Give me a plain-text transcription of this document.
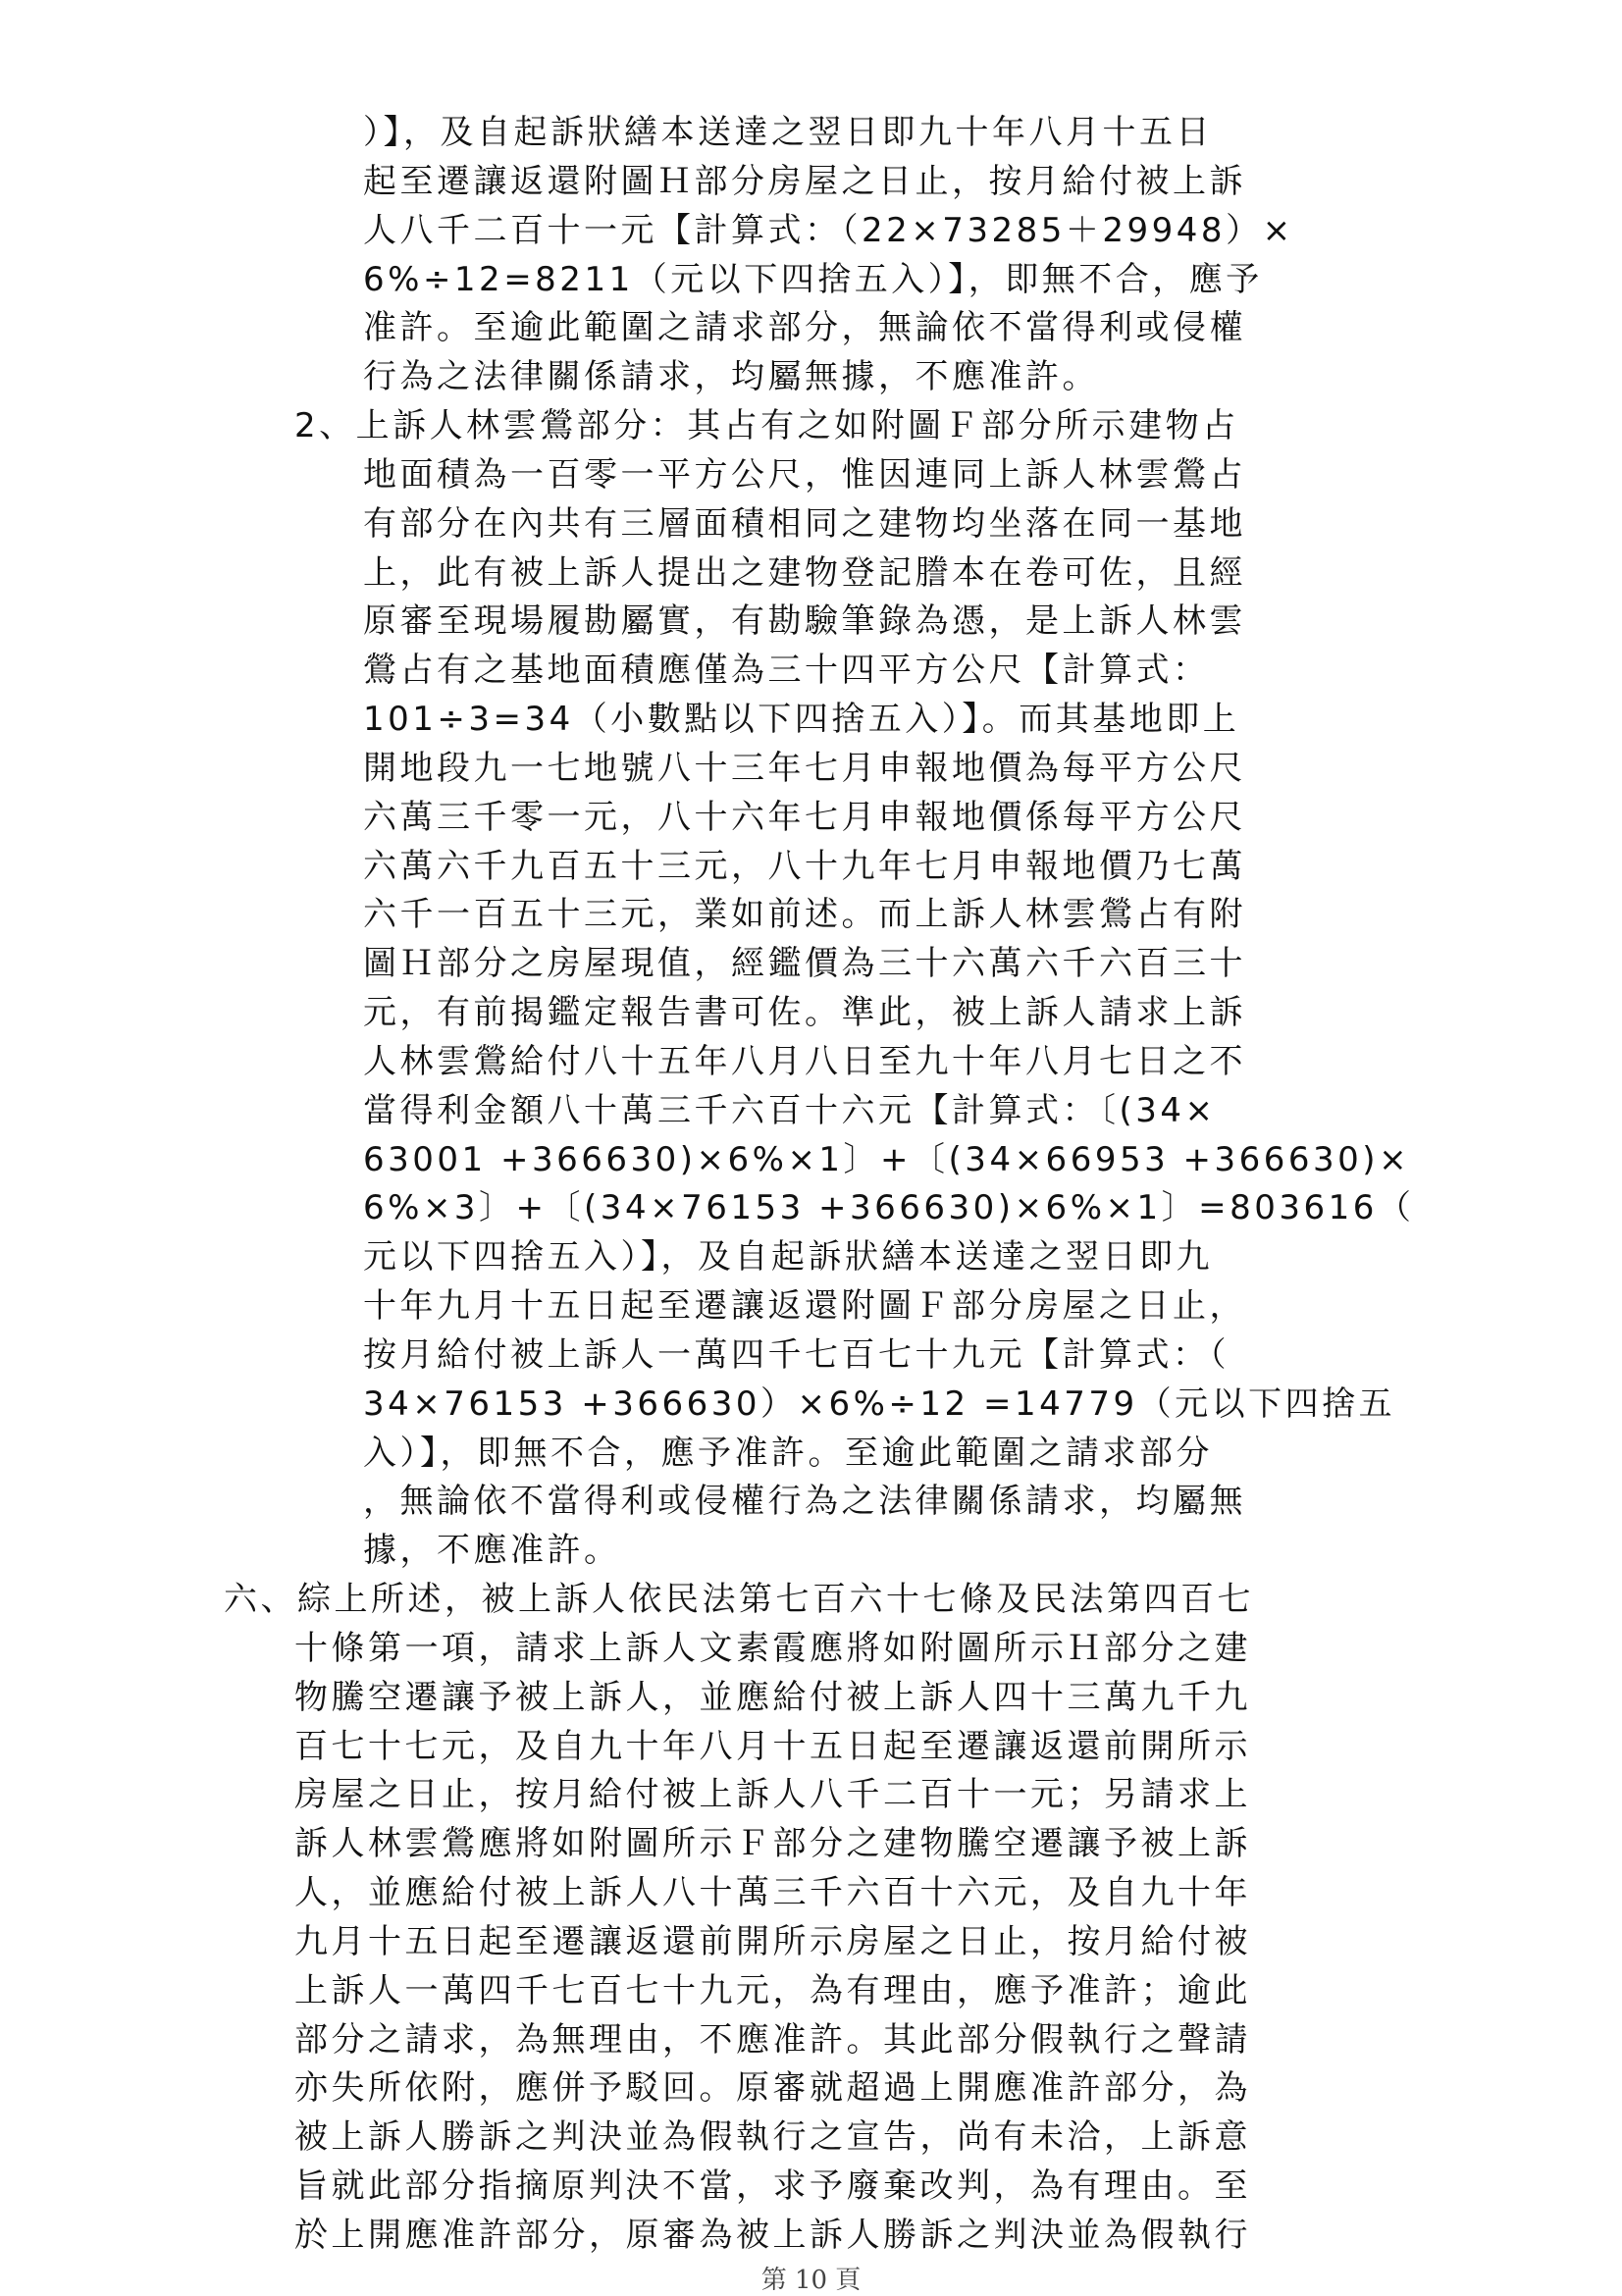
）】，及自起訴狀繕本送達之翌日即九十年八月十五日
起至遷讓返還附圖Ｈ部分房屋之日止，按月給付被上訴
人八千二百十一元【計算式：（22×73285＋29948）×
6%÷12=8211（元以下四捨五入）】，即無不合，應予
准許。至逾此範圍之請求部分，無論依不當得利或侵權
行為之法律關係請求，均屬無據，不應准許。
2、上訴人林雲鶯部分：其占有之如附圖Ｆ部分所示建物占
地面積為一百零一平方公尺，惟因連同上訴人林雲鶯占
有部分在內共有三層面積相同之建物均坐落在同一基地
上，此有被上訴人提出之建物登記謄本在卷可佐，且經
原審至現場履勘屬實，有勘驗筆錄為憑，是上訴人林雲
鶯占有之基地面積應僅為三十四平方公尺【計算式：
101÷3=34（小數點以下四捨五入）】。而其基地即上
開地段九一七地號八十三年七月申報地價為每平方公尺
六萬三千零一元，八十六年七月申報地價係每平方公尺
六萬六千九百五十三元，八十九年七月申報地價乃七萬
六千一百五十三元，業如前述。而上訴人林雲鶯占有附
圖Ｈ部分之房屋現值，經鑑價為三十六萬六千六百三十
元，有前揭鑑定報告書可佐。準此，被上訴人請求上訴
人林雲鶯給付八十五年八月八日至九十年八月七日之不
當得利金額八十萬三千六百十六元【計算式：〔(34×
63001 +366630)×6%×1〕+〔(34×66953 +366630)×
6%×3〕+〔(34×76153 +366630)×6%×1〕=803616（
元以下四捨五入）】，及自起訴狀繕本送達之翌日即九
十年九月十五日起至遷讓返還附圖Ｆ部分房屋之日止，
按月給付被上訴人一萬四千七百七十九元【計算式：（
34×76153 +366630）×6%÷12 =14779（元以下四捨五
入）】，即無不合，應予准許。至逾此範圍之請求部分
，無論依不當得利或侵權行為之法律關係請求，均屬無
據，不應准許。
六、綜上所述，被上訴人依民法第七百六十七條及民法第四百七
十條第一項，請求上訴人文素霞應將如附圖所示Ｈ部分之建
物騰空遷讓予被上訴人，並應給付被上訴人四十三萬九千九
百七十七元，及自九十年八月十五日起至遷讓返還前開所示
房屋之日止，按月給付被上訴人八千二百十一元；另請求上
訴人林雲鶯應將如附圖所示Ｆ部分之建物騰空遷讓予被上訴
人，並應給付被上訴人八十萬三千六百十六元，及自九十年
九月十五日起至遷讓返還前開所示房屋之日止，按月給付被
上訴人一萬四千七百七十九元，為有理由，應予准許；逾此
部分之請求，為無理由，不應准許。其此部分假執行之聲請
亦失所依附，應併予駁回。原審就超過上開應准許部分，為
被上訴人勝訴之判決並為假執行之宣告，尚有未洽，上訴意
旨就此部分指摘原判決不當，求予廢棄改判，為有理由。至
於上開應准許部分，原審為被上訴人勝訴之判決並為假執行
第 10 頁
